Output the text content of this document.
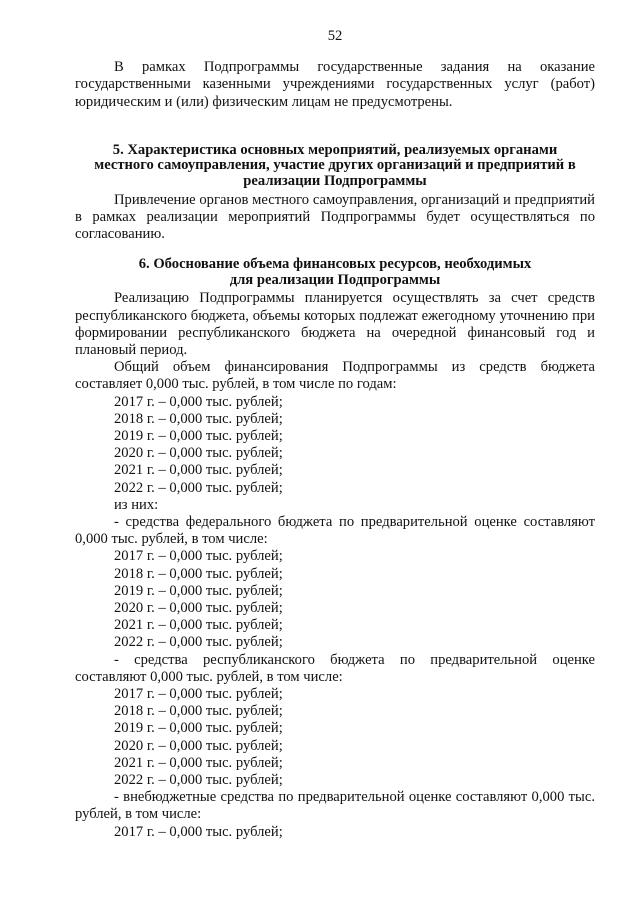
52

В рамках Подпрограммы государственные задания на оказание государственными казенными учреждениями государственных услуг (работ) юридическим и (или) физическим лицам не предусмотрены.

5. Характеристика основных мероприятий, реализуемых органами
местного самоуправления, участие других организаций и предприятий в
реализации Подпрограммы

Привлечение органов местного самоуправления, организаций и предприятий в рамках реализации мероприятий Подпрограммы будет осуществляться по согласованию.

6. Обоснование объема финансовых ресурсов, необходимых
для реализации Подпрограммы

Реализацию Подпрограммы планируется осуществлять за счет средств республиканского бюджета, объемы которых подлежат ежегодному уточнению при формировании республиканского бюджета на очередной финансовый год и плановый период.

Общий объем финансирования Подпрограммы из средств бюджета составляет 0,000 тыс. рублей, в том числе по годам:

2017 г. – 0,000 тыс. рублей;
2018 г. – 0,000 тыс. рублей;
2019 г. – 0,000 тыс. рублей;
2020 г. – 0,000 тыс. рублей;
2021 г. – 0,000 тыс. рублей;
2022 г. – 0,000 тыс. рублей;
из них:

- средства федерального бюджета по предварительной оценке составляют 0,000 тыс. рублей, в том числе:

2017 г. – 0,000 тыс. рублей;
2018 г. – 0,000 тыс. рублей;
2019 г. – 0,000 тыс. рублей;
2020 г. – 0,000 тыс. рублей;
2021 г. – 0,000 тыс. рублей;
2022 г. – 0,000 тыс. рублей;

- средства республиканского бюджета по предварительной оценке составляют 0,000 тыс. рублей, в том числе:

2017 г. – 0,000 тыс. рублей;
2018 г. – 0,000 тыс. рублей;
2019 г. – 0,000 тыс. рублей;
2020 г. – 0,000 тыс. рублей;
2021 г. – 0,000 тыс. рублей;
2022 г. – 0,000 тыс. рублей;

- внебюджетные средства по предварительной оценке составляют 0,000 тыс. рублей, в том числе:

2017 г. – 0,000 тыс. рублей;
